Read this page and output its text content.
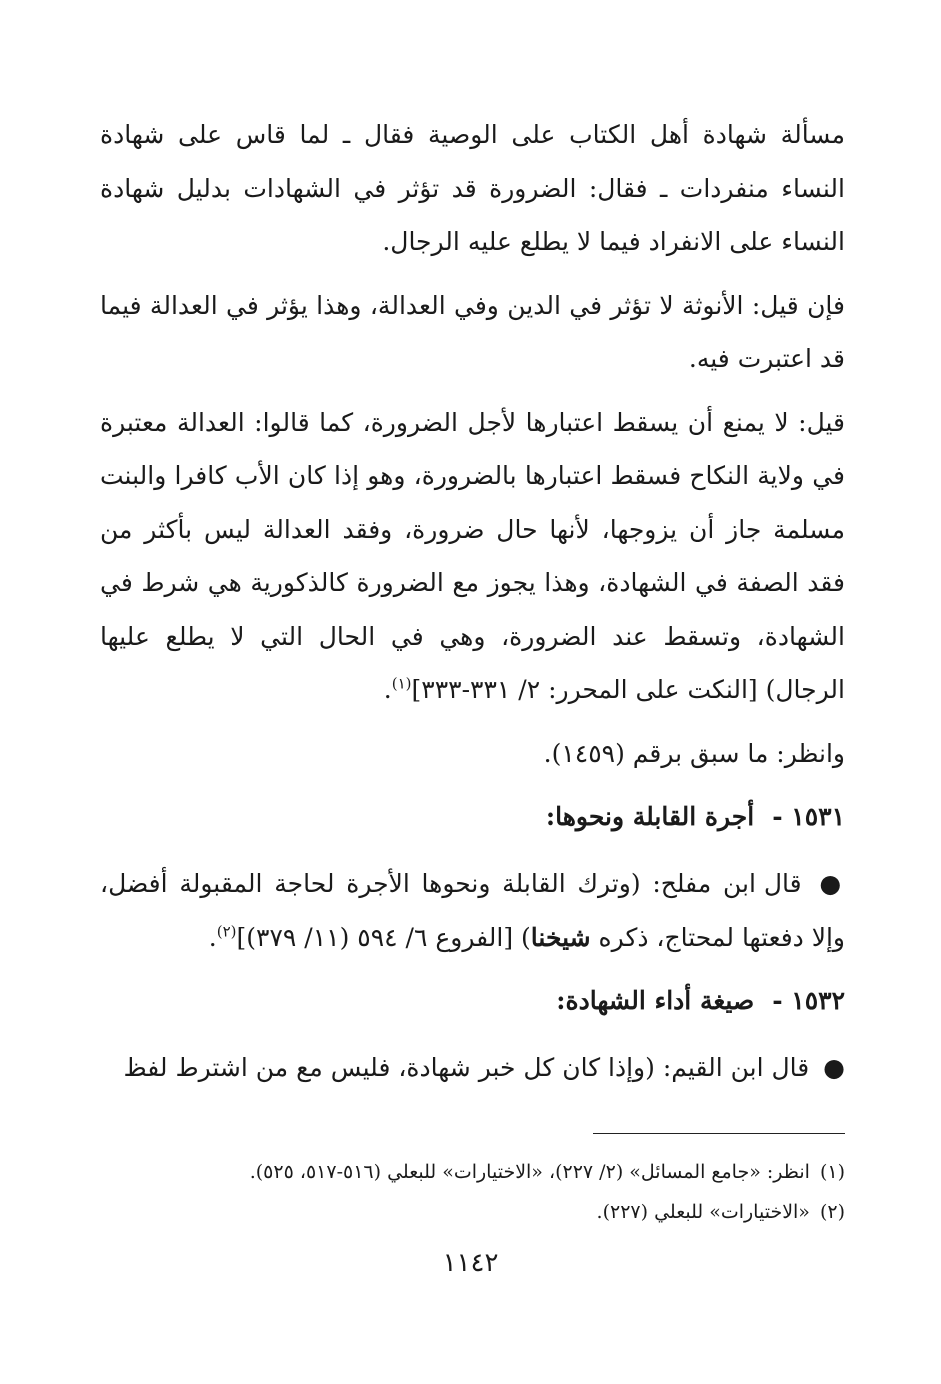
مسألة شهادة أهل الكتاب على الوصية فقال ـ لما قاس على شهادة النساء منفردات ـ فقال: الضرورة قد تؤثر في الشهادات بدليل شهادة النساء على الانفراد فيما لا يطلع عليه الرجال.

فإن قيل: الأنوثة لا تؤثر في الدين وفي العدالة، وهذا يؤثر في العدالة فيما قد اعتبرت فيه.

قيل: لا يمنع أن يسقط اعتبارها لأجل الضرورة، كما قالوا: العدالة معتبرة في ولاية النكاح فسقط اعتبارها بالضرورة، وهو إذا كان الأب كافرا والبنت مسلمة جاز أن يزوجها، لأنها حال ضرورة، وفقد العدالة ليس بأكثر من فقد الصفة في الشهادة، وهذا يجوز مع الضرورة كالذكورية هي شرط في الشهادة، وتسقط عند الضرورة، وهي في الحال التي لا يطلع عليها الرجال) [النكت على المحرر: ٢/ ٣٣١-٣٣٣]$^{(١)}$.

وانظر: ما سبق برقم (١٤٥٩).

١٥٣١ -أجرة القابلة ونحوها:

● قال ابن مفلح: (وترك القابلة ونحوها الأجرة لحاجة المقبولة أفضل، وإلا دفعتها لمحتاج، ذكره شيخنا) [الفروع ٦/ ٥٩٤ (١١/ ٣٧٩)]$^{(٢)}$.

١٥٣٢ -صيغة أداء الشهادة:

● قال ابن القيم: (وإذا كان كل خبر شهادة، فليس مع من اشترط لفظ

(١)انظر: «جامع المسائل» (٢/ ٢٢٧)، «الاختيارات» للبعلي (٥١٦-٥١٧، ٥٢٥).
(٢)«الاختيارات» للبعلي (٢٢٧).
١١٤٢
